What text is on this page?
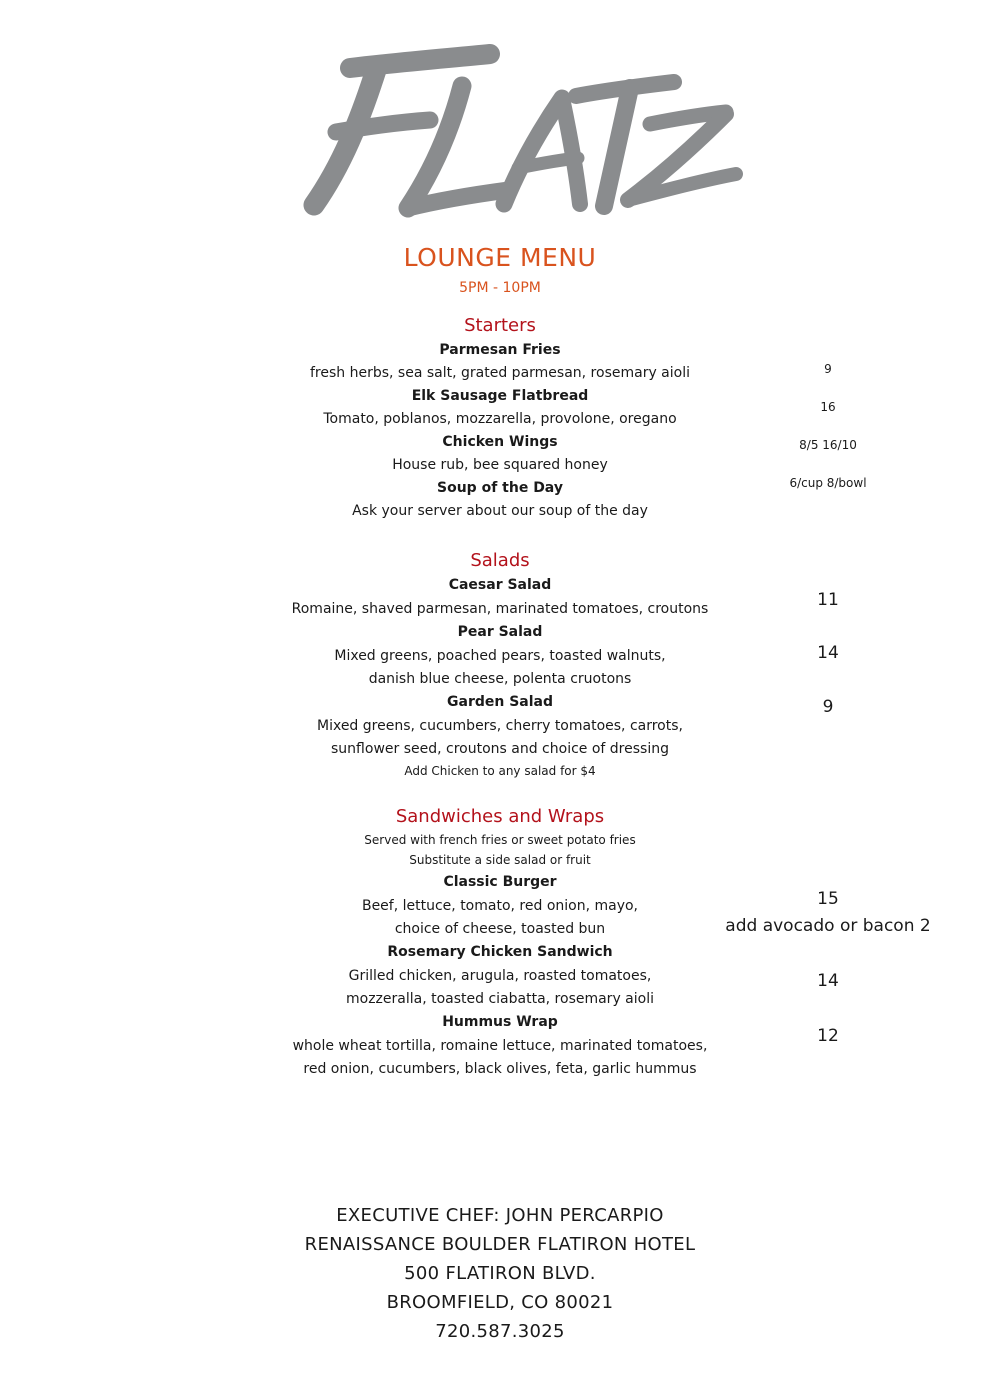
Flatz
LOUNGE MENU
5PM - 10PM
Starters
Parmesan Fries
fresh herbs, sea salt, grated parmesan, rosemary aioli	9
Elk Sausage Flatbread
Tomato, poblanos, mozzarella, provolone, oregano
16
Chicken Wings
House rub, bee squared honey
8/5 16/10
Soup of the Day
Ask your server about our soup of the day
6/cup 8/bowl
Salads
Caesar Salad
Romaine, shaved parmesan, marinated tomatoes, croutons	11
Pear Salad
Mixed greens, poached pears, toasted walnuts,
danish blue cheese, polenta cruotons
14
Garden Salad
Mixed greens, cucumbers, cherry tomatoes, carrots,
sunflower seed, croutons and choice of dressing
9
Add Chicken to any salad for $4
Sandwiches and Wraps
Served with french fries or sweet potato fries
Substitute a side salad or fruit
Classic Burger
Beef, lettuce, tomato, red onion, mayo,
choice of cheese, toasted bun
15
add avocado or bacon 2
Rosemary Chicken Sandwich
Grilled chicken, arugula, roasted tomatoes,
mozzeralla, toasted ciabatta, rosemary aioli
14
Hummus Wrap
whole wheat tortilla, romaine lettuce, marinated tomatoes,
red onion, cucumbers, black olives, feta, garlic hummus
12
EXECUTIVE CHEF: JOHN PERCARPIO
RENAISSANCE BOULDER FLATIRON HOTEL
500 FLATIRON BLVD.
BROOMFIELD, CO 80021
720.587.3025
